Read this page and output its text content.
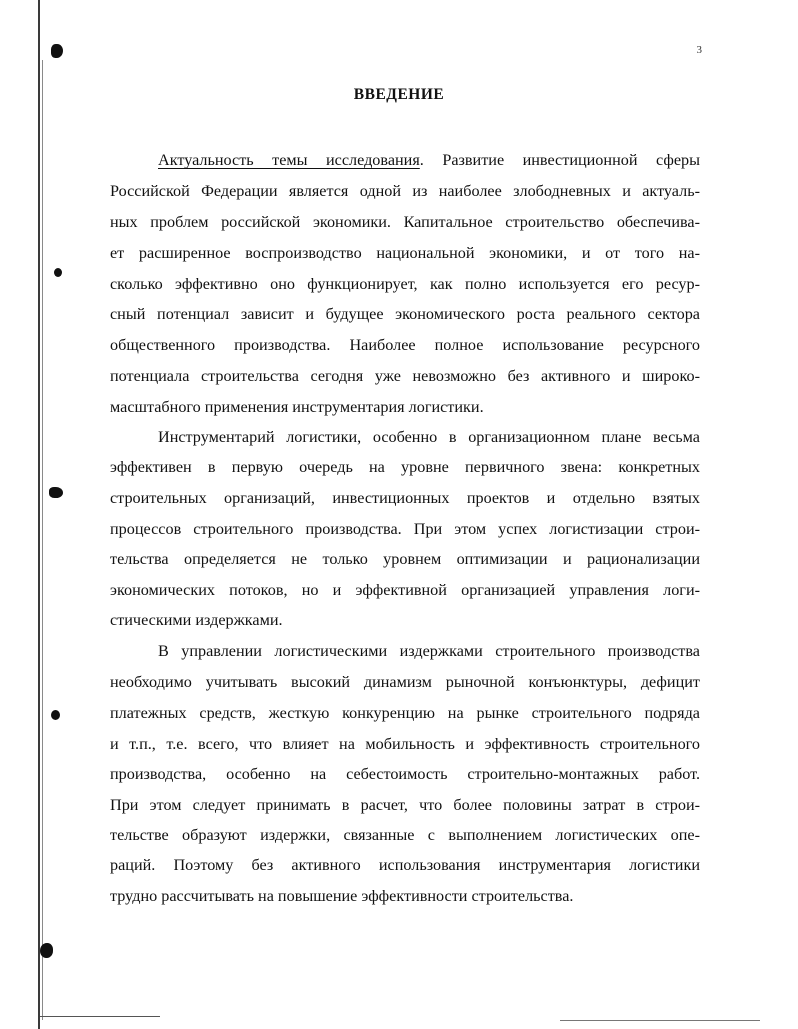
3
ВВЕДЕНИЕ
Актуальность темы исследования. Развитие инвестиционной сферы
Российской Федерации является одной из наиболее злободневных и актуаль-
ных проблем российской экономики. Капитальное строительство обеспечива-
ет расширенное воспроизводство национальной экономики, и от того на-
сколько эффективно оно функционирует, как полно используется его ресур-
сный потенциал зависит и будущее экономического роста реального сектора
общественного производства. Наиболее полное использование ресурсного
потенциала строительства сегодня уже невозможно без активного и широко-
масштабного применения инструментария логистики.
Инструментарий логистики, особенно в организационном плане весьма
эффективен в первую очередь на уровне первичного звена: конкретных
строительных организаций, инвестиционных проектов и отдельно взятых
процессов строительного производства. При этом успех логистизации строи-
тельства определяется не только уровнем оптимизации и рационализации
экономических потоков, но и эффективной организацией управления логи-
стическими издержками.
В управлении логистическими издержками строительного производства
необходимо учитывать высокий динамизм рыночной конъюнктуры, дефицит
платежных средств, жесткую конкуренцию на рынке строительного подряда
и т.п., т.е. всего, что влияет на мобильность и эффективность строительного
производства, особенно на себестоимость строительно-монтажных работ.
При этом следует принимать в расчет, что более половины затрат в строи-
тельстве образуют издержки, связанные с выполнением логистических опе-
раций. Поэтому без активного использования инструментария логистики
трудно рассчитывать на повышение эффективности строительства.
